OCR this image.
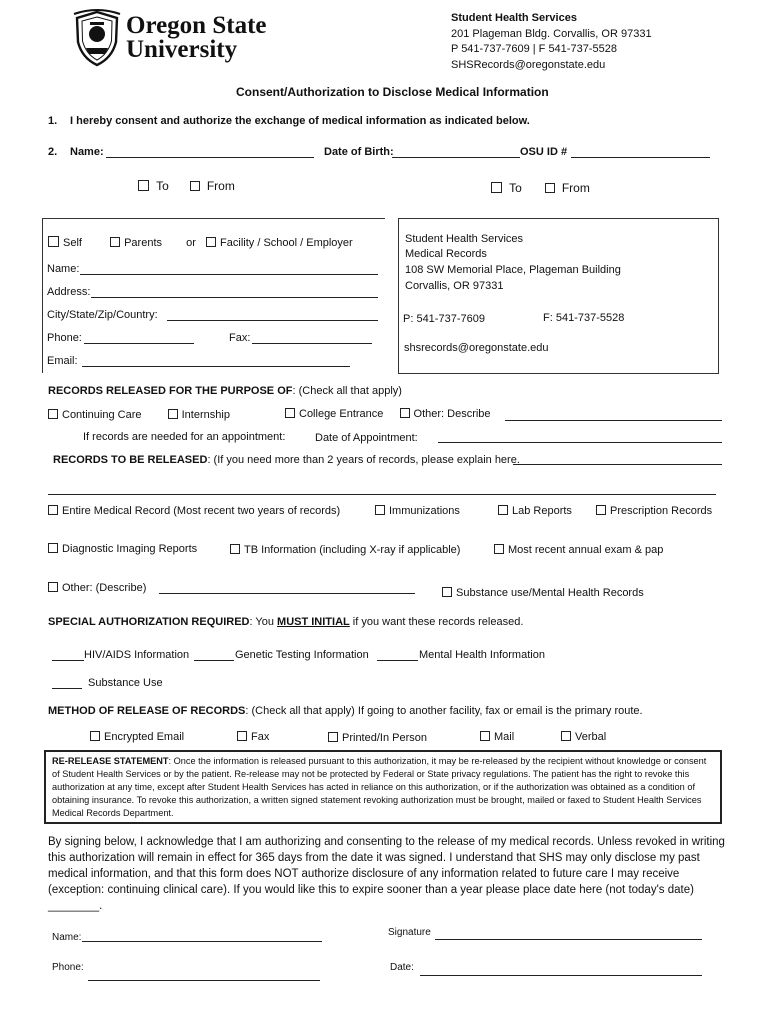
Oregon State
University
Student Health Services
201 Plageman Bldg. Corvallis, OR 97331
P 541-737-7609 | F 541-737-5528
SHSRecords@oregonstate.edu
Consent/Authorization to Disclose Medical Information
1. I hereby consent and authorize the exchange of medical information as indicated below.
2. Name:	Date of Birth:	OSU ID #
To	From	To	From
Self	Parents or Facility / School / Employer
Name:
Address:
City/State/Zip/Country:
Phone:	Fax:
Email:
Student Health Services
Medical Records
108 SW Memorial Place, Plageman Building
Corvallis, OR 97331
P: 541-737-7609	F: 541-737-5528
shsrecords@oregonstate.edu
RECORDS RELEASED FOR THE PURPOSE OF: (Check all that apply)
Continuing Care	Internship	College Entrance	Other: Describe
If records are needed for an appointment:	Date of Appointment:
RECORDS TO BE RELEASED: (If you need more than 2 years of records, please explain here.
Entire Medical Record (Most recent two years of records)	Immunizations	Lab Reports	Prescription Records
Diagnostic Imaging Reports	TB Information (including X-ray if applicable)	Most recent annual exam & pap
Other: (Describe)	Substance use/Mental Health Records
SPECIAL AUTHORIZATION REQUIRED: You MUST INITIAL if you want these records released.
HIV/AIDS Information	Genetic Testing Information	Mental Health Information
Substance Use
METHOD OF RELEASE OF RECORDS: (Check all that apply) If going to another facility, fax or email is the primary route.
Encrypted Email	Fax	Printed/In Person	Mail	Verbal
RE-RELEASE STATEMENT: Once the information is released pursuant to this authorization, it may be re-released by the recipient without knowledge or consent of Student Health Services or by the patient. Re-release may not be protected by Federal or State privacy regulations. The patient has the right to revoke this authorization at any time, except after Student Health Services has acted in reliance on this authorization, or if the authorization was obtained as a condition of obtaining insurance. To revoke this authorization, a written signed statement revoking authorization must be brought, mailed or faxed to Student Health Services Medical Records Department.
By signing below, I acknowledge that I am authorizing and consenting to the release of my medical records. Unless revoked in writing this authorization will remain in effect for 365 days from the date it was signed. I understand that SHS may only disclose my past medical information, and that this form does NOT authorize disclosure of any information related to future care I may receive (exception: continuing clinical care). If you would like this to expire sooner than a year please place date here (not today's date) ________.
Name:	Signature
Phone:	Date:
